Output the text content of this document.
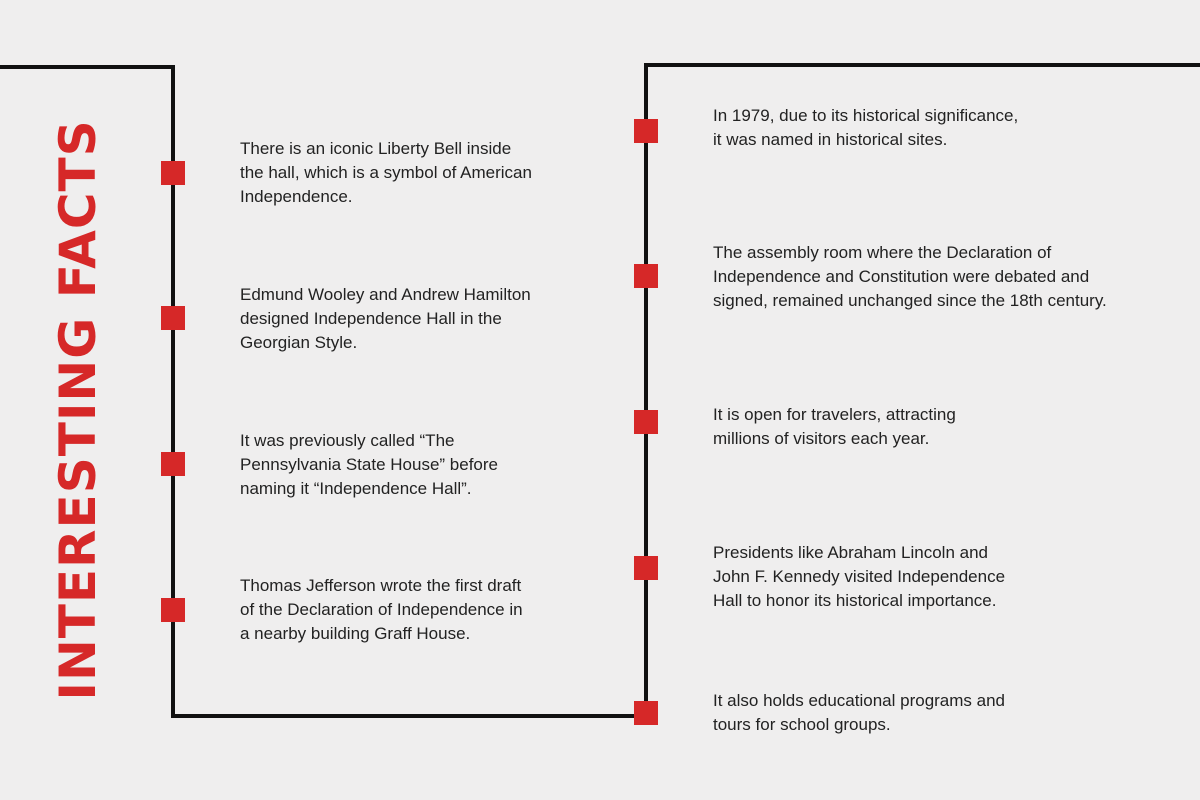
INTERESTING FACTS	There is an iconic Liberty Bell inside
the hall, which is a symbol of American
Independence.
Edmund Wooley and Andrew Hamilton
designed Independence Hall in the
Georgian Style.
It was previously called “The
Pennsylvania State House” before
naming it “Independence Hall”.
Thomas Jefferson wrote the first draft
of the Declaration of Independence in
a nearby building Graff House.
In 1979, due to its historical significance,
it was named in historical sites.
The assembly room where the Declaration of
Independence and Constitution were debated and
signed, remained unchanged since the 18th century.
It is open for travelers, attracting
millions of visitors each year.
Presidents like Abraham Lincoln and
John F. Kennedy visited Independence
Hall to honor its historical importance.
It also holds educational programs and
tours for school groups.
